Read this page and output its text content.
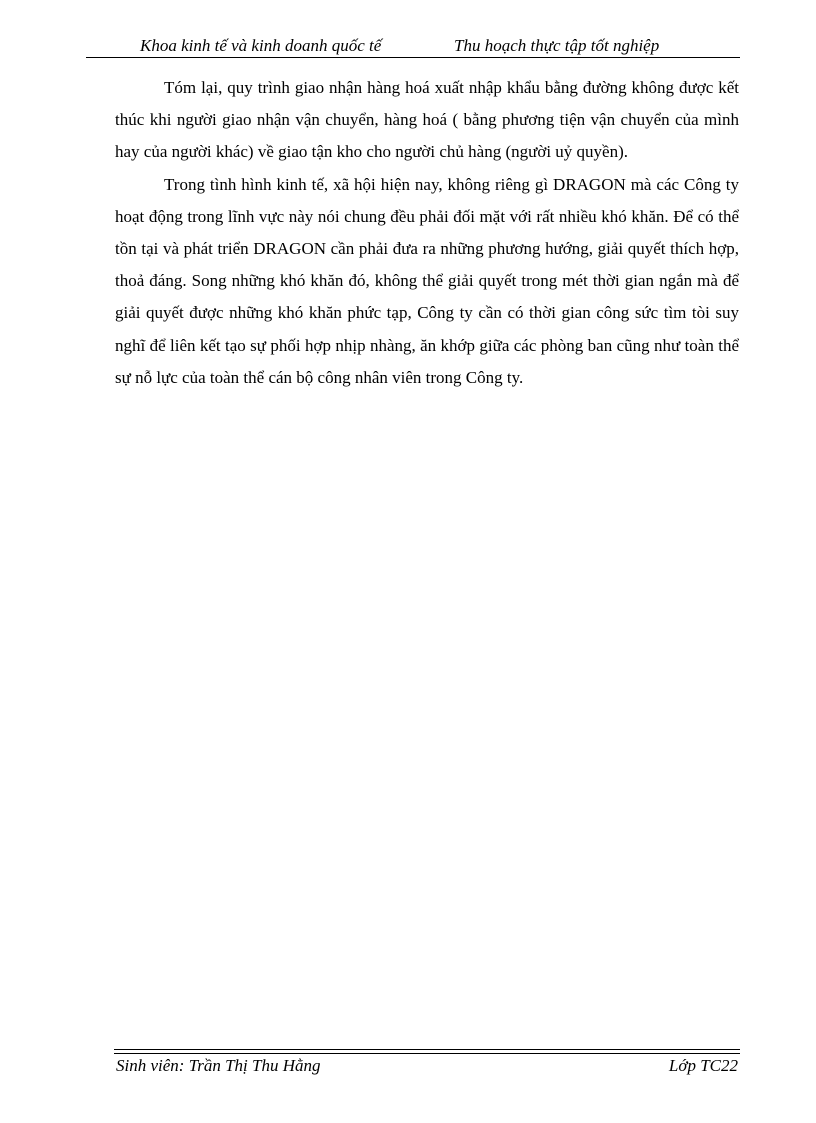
Khoa kinh tế và kinh doanh quốc tế	Thu hoạch thực tập tốt nghiệp

Tóm lại, quy trình giao nhận hàng hoá xuất nhập khẩu bằng đường không được kết thúc khi người giao nhận vận chuyển, hàng hoá ( bằng phương tiện vận chuyển của mình hay của người khác) về giao tận kho cho người chủ hàng (người uỷ quyền).

Trong tình hình kinh tế, xã hội hiện nay, không riêng gì DRAGON mà các Công ty hoạt động trong lĩnh vực này nói chung đều phải đối mặt với rất nhiều khó khăn. Để có thể tồn tại và phát triển DRAGON cần phải đưa ra những phương hướng, giải quyết thích hợp, thoả đáng. Song những khó khăn đó, không thể giải quyết trong mét thời gian ngắn mà để giải quyết được những khó khăn phức tạp, Công ty cần có thời gian công sức tìm tòi suy nghĩ để liên kết tạo sự phối hợp nhịp nhàng, ăn khớp giữa các phòng ban cũng như toàn thể sự nỗ lực của toàn thể cán bộ công nhân viên trong Công ty.

Sinh viên: Trần Thị Thu Hằng	Lớp TC22
